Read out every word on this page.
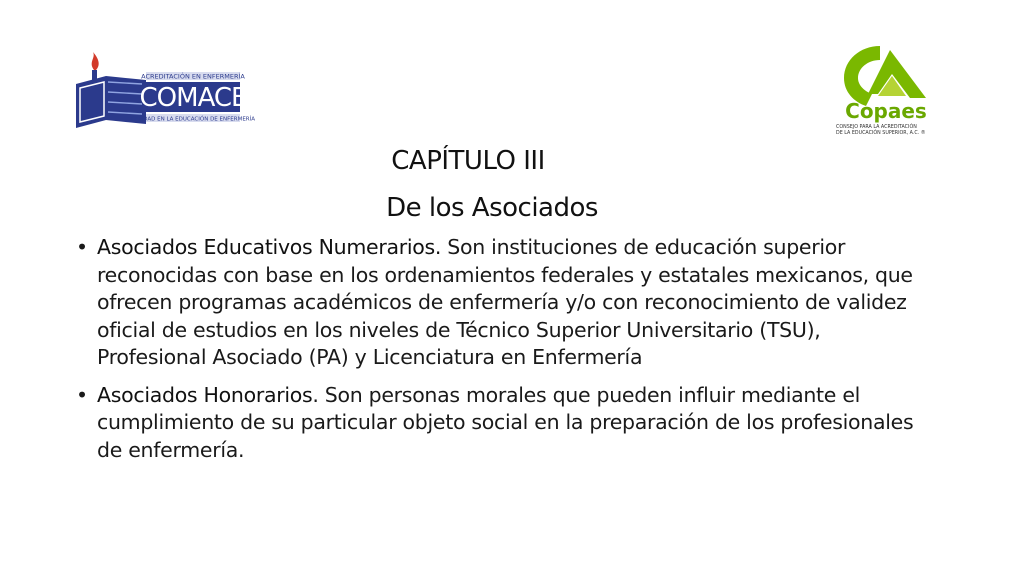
ACREDITACIÓN EN ENFERMERÍA
COMACE
CALIDAD EN LA EDUCACIÓN DE ENFERMERÍA	Copaes
CONSEJO PARA LA ACREDITACIÓN
DE LA EDUCACIÓN SUPERIOR, A.C. ®
CAPÍTULO III
De los Asociados
• Asociados Educativos Numerarios. Son instituciones de educación superior reconocidas con base en los ordenamientos federales y estatales mexicanos, que ofrecen programas académicos de enfermería y/o con reconocimiento de validez oficial de estudios en los niveles de Técnico Superior Universitario (TSU), Profesional Asociado (PA) y Licenciatura en Enfermería
• Asociados Honorarios. Son personas morales que pueden influir mediante el cumplimiento de su particular objeto social en la preparación de los profesionales de enfermería.
